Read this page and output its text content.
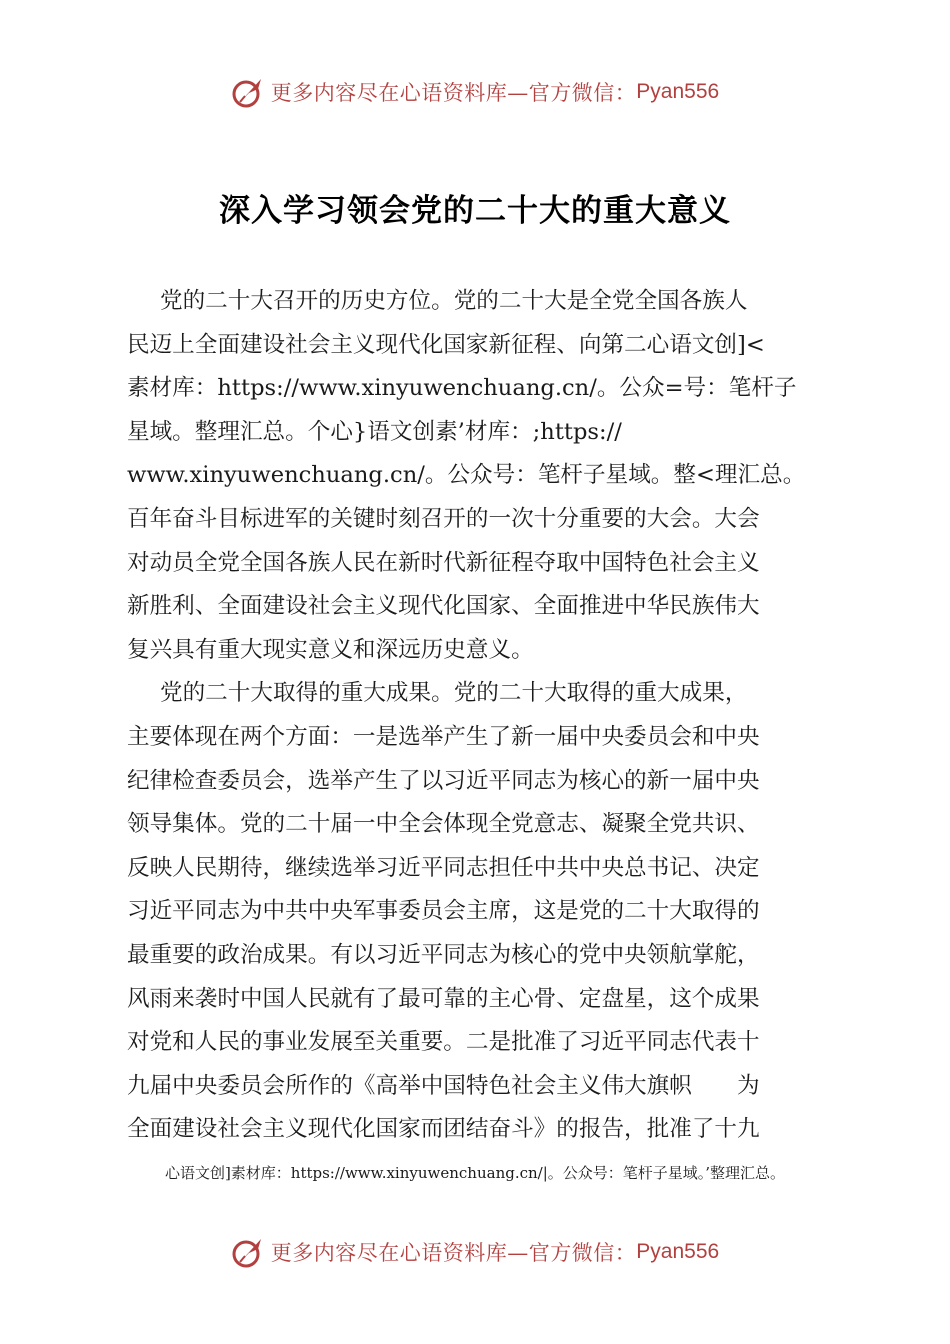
更多内容尽在心语资料库—官方微信： Pyan556
深入学习领会党的二十大的重大意义
党的二十大召开的历史方位。党的二十大是全党全国各族人
民迈上全面建设社会主义现代化国家新征程、向第二心语文创]<
素材库：https://www.xinyuwenchuang.cn/。公众=号：笔杆子
星域。整理汇总。个心}语文创素’材库：;https://
www.xinyuwenchuang.cn/。公众号：笔杆子星域。整<理汇总。
百年奋斗目标进军的关键时刻召开的一次十分重要的大会。大会
对动员全党全国各族人民在新时代新征程夺取中国特色社会主义
新胜利、全面建设社会主义现代化国家、全面推进中华民族伟大
复兴具有重大现实意义和深远历史意义。
党的二十大取得的重大成果。党的二十大取得的重大成果，
主要体现在两个方面：一是选举产生了新一届中央委员会和中央
纪律检查委员会，选举产生了以习近平同志为核心的新一届中央
领导集体。党的二十届一中全会体现全党意志、凝聚全党共识、
反映人民期待，继续选举习近平同志担任中共中央总书记、决定
习近平同志为中共中央军事委员会主席，这是党的二十大取得的
最重要的政治成果。有以习近平同志为核心的党中央领航掌舵，
风雨来袭时中国人民就有了最可靠的主心骨、定盘星，这个成果
对党和人民的事业发展至关重要。二是批准了习近平同志代表十
九届中央委员会所作的《高举中国特色社会主义伟大旗帜　　为
全面建设社会主义现代化国家而团结奋斗》的报告，批准了十九
心语文创]素材库：https://www.xinyuwenchuang.cn/|。公众号：笔杆子星域。’整理汇总。
更多内容尽在心语资料库—官方微信： Pyan556
